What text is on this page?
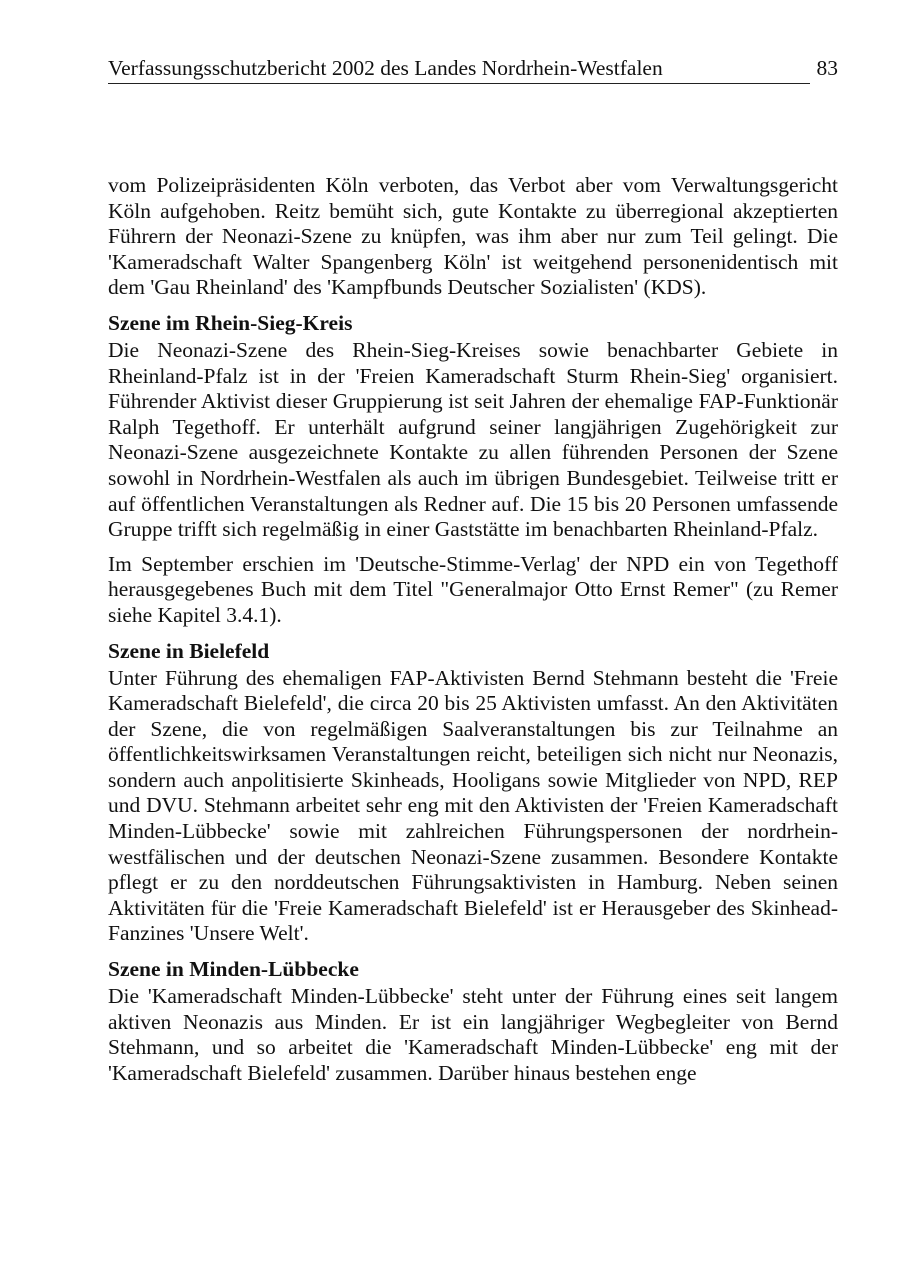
Verfassungsschutzbericht 2002 des Landes Nordrhein-Westfalen	83

vom Polizeipräsidenten Köln verboten, das Verbot aber vom Verwaltungsgericht Köln aufgehoben. Reitz bemüht sich, gute Kontakte zu überregional akzeptierten Führern der Neonazi-Szene zu knüpfen, was ihm aber nur zum Teil gelingt. Die 'Kameradschaft Walter Spangenberg Köln' ist weitgehend personenidentisch mit dem 'Gau Rheinland' des 'Kampfbunds Deutscher Sozialisten' (KDS).

Szene im Rhein-Sieg-Kreis

Die Neonazi-Szene des Rhein-Sieg-Kreises sowie benachbarter Gebiete in Rheinland-Pfalz ist in der 'Freien Kameradschaft Sturm Rhein-Sieg' organisiert. Führender Aktivist dieser Gruppierung ist seit Jahren der ehemalige FAP-Funktionär Ralph Tegethoff. Er unterhält aufgrund seiner langjährigen Zugehörigkeit zur Neonazi-Szene ausgezeichnete Kontakte zu allen führenden Personen der Szene sowohl in Nordrhein-Westfalen als auch im übrigen Bundesgebiet. Teilweise tritt er auf öffentlichen Veranstaltungen als Redner auf. Die 15 bis 20 Personen umfassende Gruppe trifft sich regelmäßig in einer Gaststätte im benachbarten Rheinland-Pfalz.

Im September erschien im 'Deutsche-Stimme-Verlag' der NPD ein von Tegethoff herausgegebenes Buch mit dem Titel "Generalmajor Otto Ernst Remer" (zu Remer siehe Kapitel 3.4.1).

Szene in Bielefeld

Unter Führung des ehemaligen FAP-Aktivisten Bernd Stehmann besteht die 'Freie Kameradschaft Bielefeld', die circa 20 bis 25 Aktivisten umfasst. An den Aktivitäten der Szene, die von regelmäßigen Saalveranstaltungen bis zur Teilnahme an öffentlichkeitswirksamen Veranstaltungen reicht, beteiligen sich nicht nur Neonazis, sondern auch anpolitisierte Skinheads, Hooligans sowie Mitglieder von NPD, REP und DVU. Stehmann arbeitet sehr eng mit den Aktivisten der 'Freien Kameradschaft Minden-Lübbecke' sowie mit zahlreichen Führungspersonen der nordrhein-westfälischen und der deutschen Neonazi-Szene zusammen. Besondere Kontakte pflegt er zu den norddeutschen Führungsaktivisten in Hamburg. Neben seinen Aktivitäten für die 'Freie Kameradschaft Bielefeld' ist er Herausgeber des Skinhead-Fanzines 'Unsere Welt'.

Szene in Minden-Lübbecke

Die 'Kameradschaft Minden-Lübbecke' steht unter der Führung eines seit langem aktiven Neonazis aus Minden. Er ist ein langjähriger Wegbegleiter von Bernd Stehmann, und so arbeitet die 'Kameradschaft Minden-Lübbecke' eng mit der 'Kameradschaft Bielefeld' zusammen. Darüber hinaus bestehen enge
